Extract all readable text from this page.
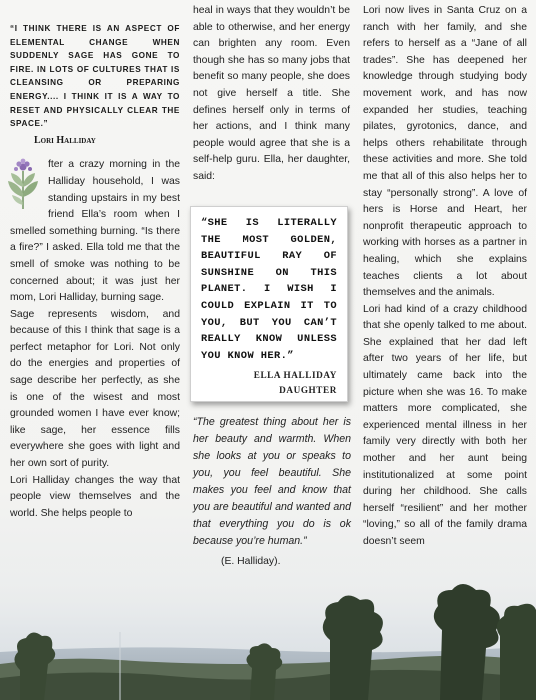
“I THINK THERE IS AN ASPECT OF ELEMENTAL CHANGE WHEN SUDDENLY SAGE HAS GONE TO FIRE. IN LOTS OF CULTURES THAT IS CLEANSING OR PREPARING ENERGY.... I THINK IT IS A WAY TO RESET AND PHYSICALLY CLEAR THE SPACE.”

Lori Halliday

fter a crazy morning in the Halliday household, I was standing upstairs in my best friend Ella’s room when I smelled something burning. “Is there a fire?” I asked. Ella told me that the smell of smoke was nothing to be concerned about; it was just her mom, Lori Halliday, burning sage.

Sage represents wisdom, and because of this I think that sage is a perfect metaphor for Lori. Not only do the energies and properties of sage describe her perfectly, as she is one of the wisest and most grounded women I have ever know; like sage, her essence fills everywhere she goes with light and her own sort of purity.

Lori Halliday changes the way that people view themselves and the world. She helps people to

heal in ways that they wouldn’t be able to otherwise, and her energy can brighten any room. Even though she has so many jobs that benefit so many people, she does not give herself a title. She defines herself only in terms of her actions, and I think many people would agree that she is a self-help guru. Ella, her daughter, said:

“SHE IS LITERALLY THE MOST GOLDEN, BEAUTIFUL RAY OF SUNSHINE ON THIS PLANET. I WISH I COULD EXPLAIN IT TO YOU, BUT YOU CAN’T REALLY KNOW UNLESS YOU KNOW HER.”

ELLA HALLIDAY
DAUGHTER

“The greatest thing about her is her beauty and warmth. When she looks at you or speaks to you, you feel beautiful. She makes you feel and know that you are beautiful and wanted and that everything you do is ok because you’re human.”

(E. Halliday).

Lori now lives in Santa Cruz on a ranch with her family, and she refers to herself as a “Jane of all trades”. She has deepened her knowledge through studying body movement work, and has now expanded her studies, teaching pilates, gyrotonics, dance, and helps others rehabilitate through these activities and more. She told me that all of this also helps her to stay “personally strong”. A love of hers is Horse and Heart, her nonprofit therapeutic approach to working with horses as a partner in healing, which she explains teaches clients a lot about themselves and the animals.

Lori had kind of a crazy childhood that she openly talked to me about. She explained that her dad left after two years of her life, but ultimately came back into the picture when she was 16. To make matters more complicated, she experienced mental illness in her family very directly with both her mother and her aunt being institutionalized at some point during her childhood. She calls herself “resilient” and her mother “loving,” so all of the family drama doesn’t seem
